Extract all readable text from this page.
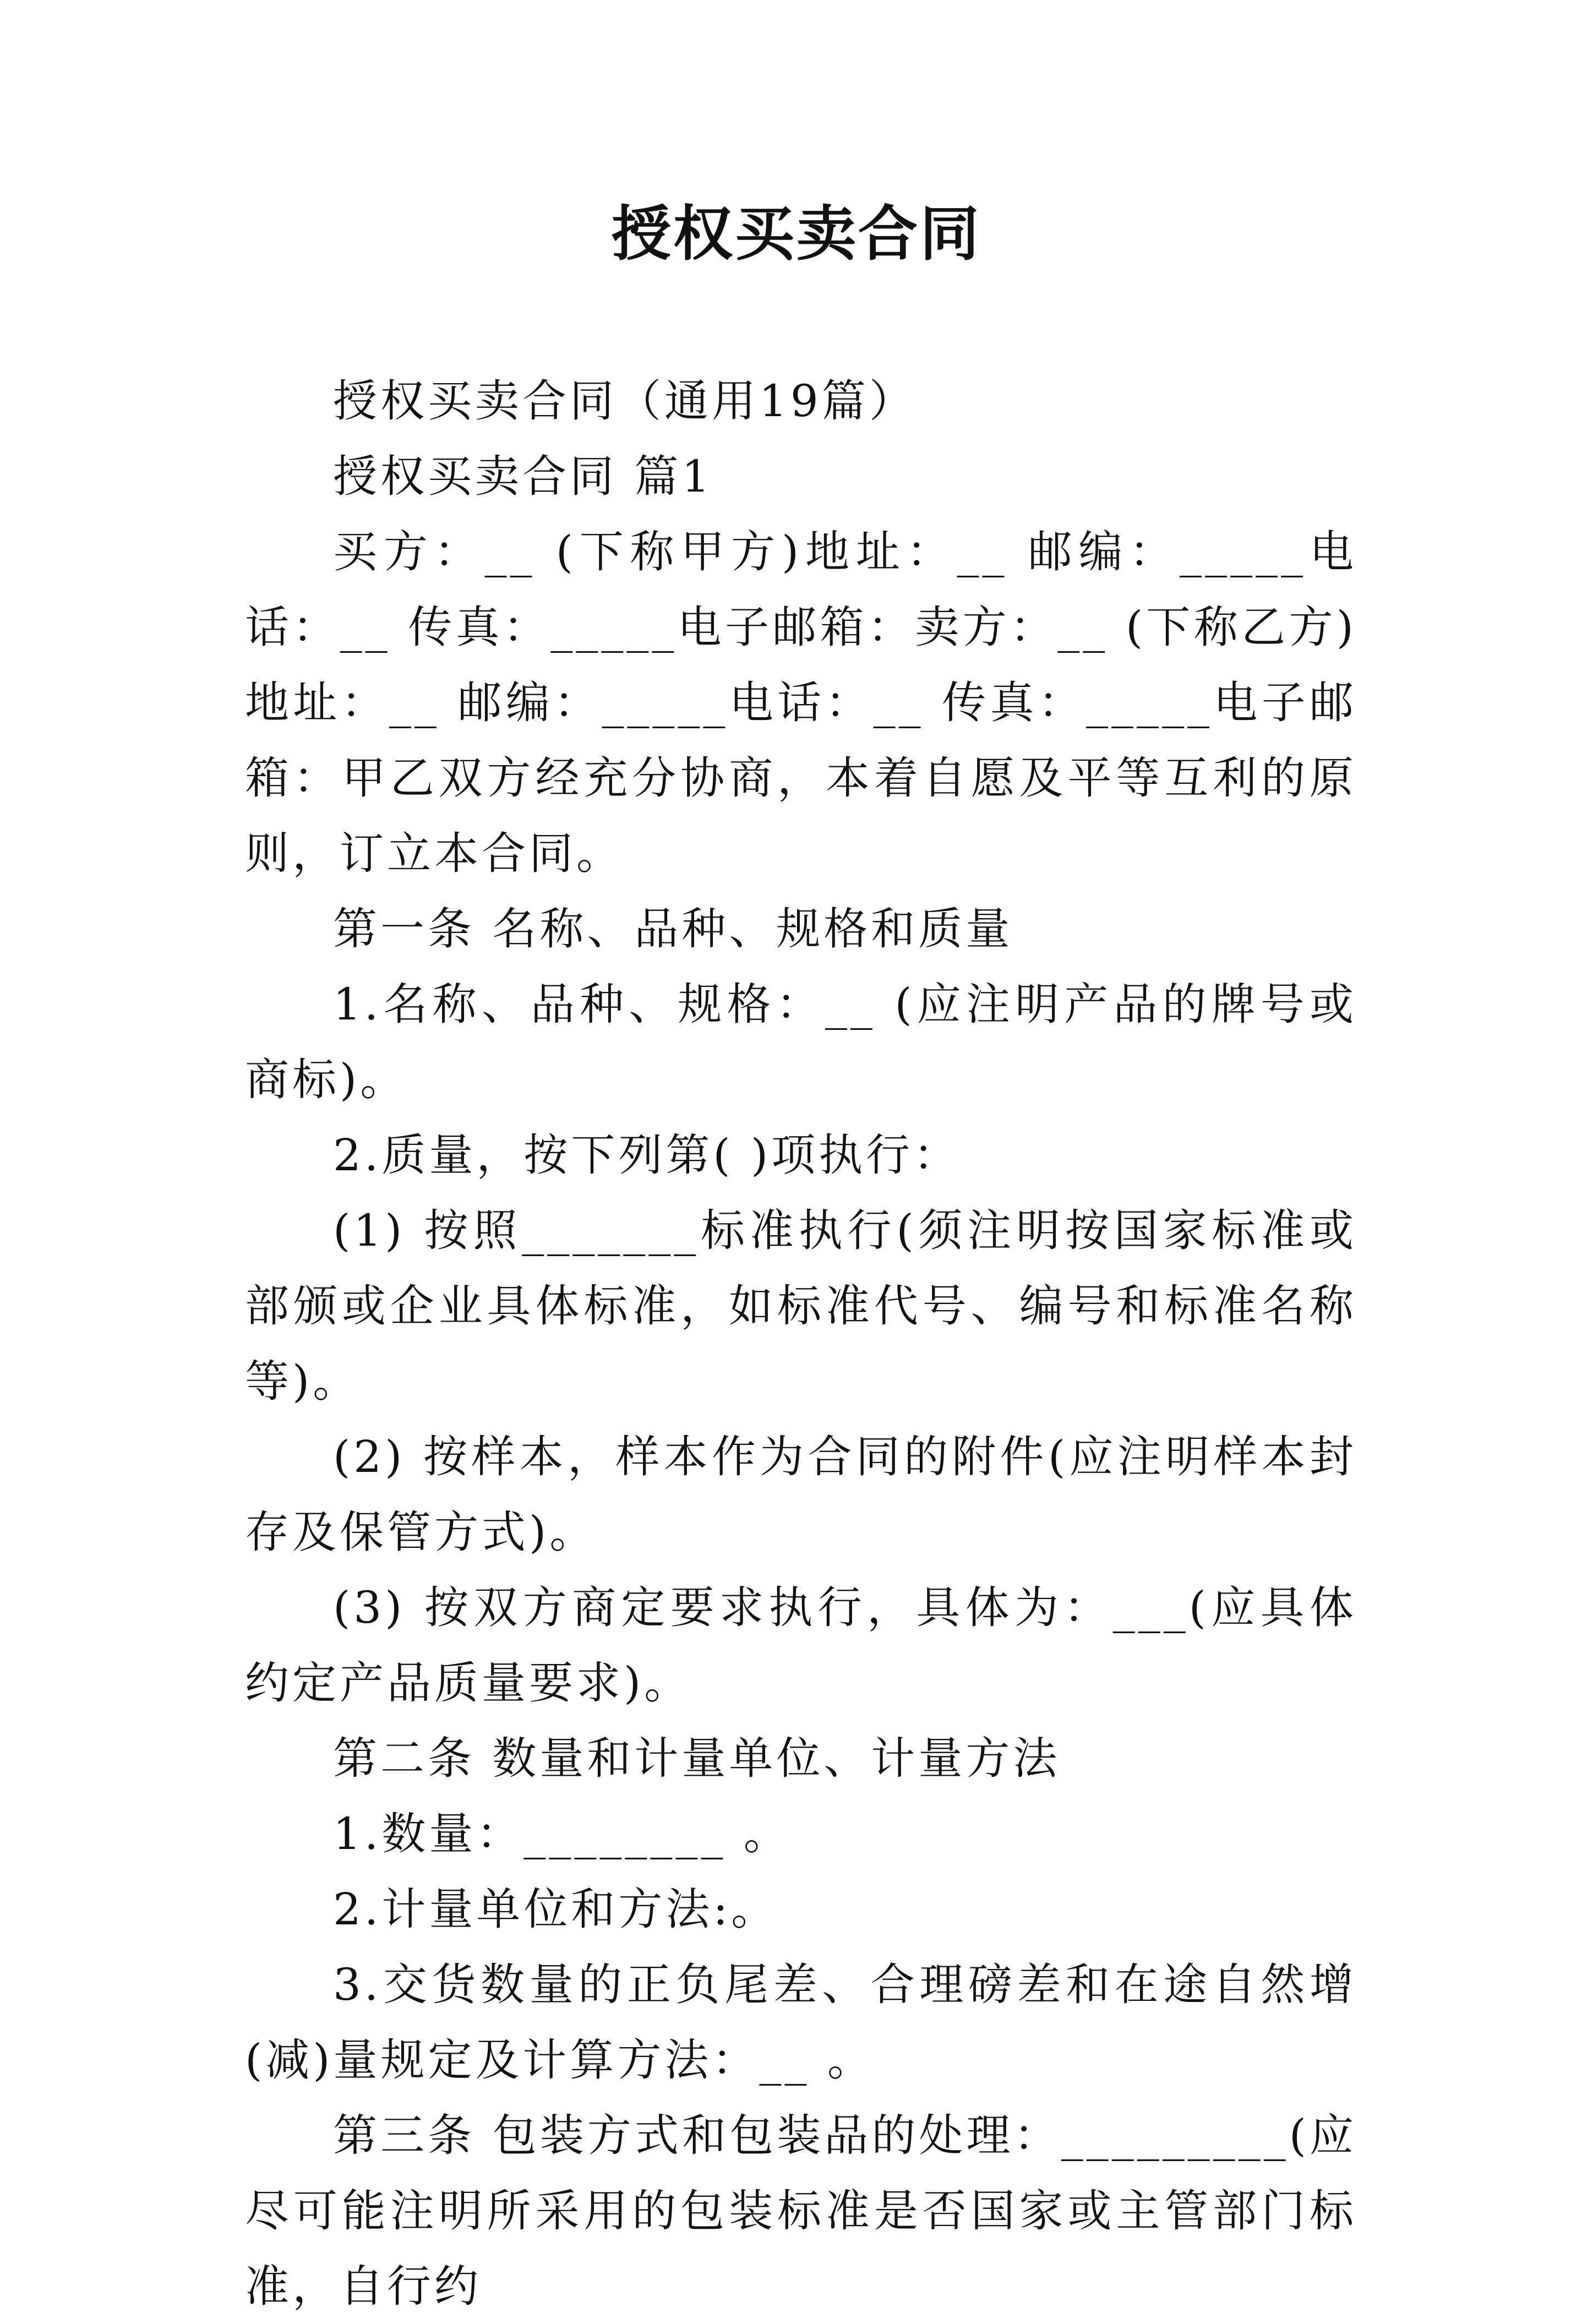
授权买卖合同

授权买卖合同（通用19篇）

授权买卖合同 篇1

买方：__ (下称甲方)地址：__ 邮编：_____电话：__ 传真：_____电子邮箱：卖方：__ (下称乙方)地址：__ 邮编：_____电话：__ 传真：_____电子邮箱：甲乙双方经充分协商，本着自愿及平等互利的原则，订立本合同。

第一条 名称、品种、规格和质量

1.名称、品种、规格：__ (应注明产品的牌号或商标)。

2.质量，按下列第( )项执行：

(1) 按照_______标准执行(须注明按国家标准或部颁或企业具体标准，如标准代号、编号和标准名称等)。

(2) 按样本，样本作为合同的附件(应注明样本封存及保管方式)。

(3) 按双方商定要求执行，具体为：___(应具体约定产品质量要求)。

第二条 数量和计量单位、计量方法

1.数量：________ 。

2.计量单位和方法:。

3.交货数量的正负尾差、合理磅差和在途自然增(减)量规定及计算方法：__ 。

第三条 包装方式和包装品的处理：_________(应尽可能注明所采用的包装标准是否国家或主管部门标准，自行约
